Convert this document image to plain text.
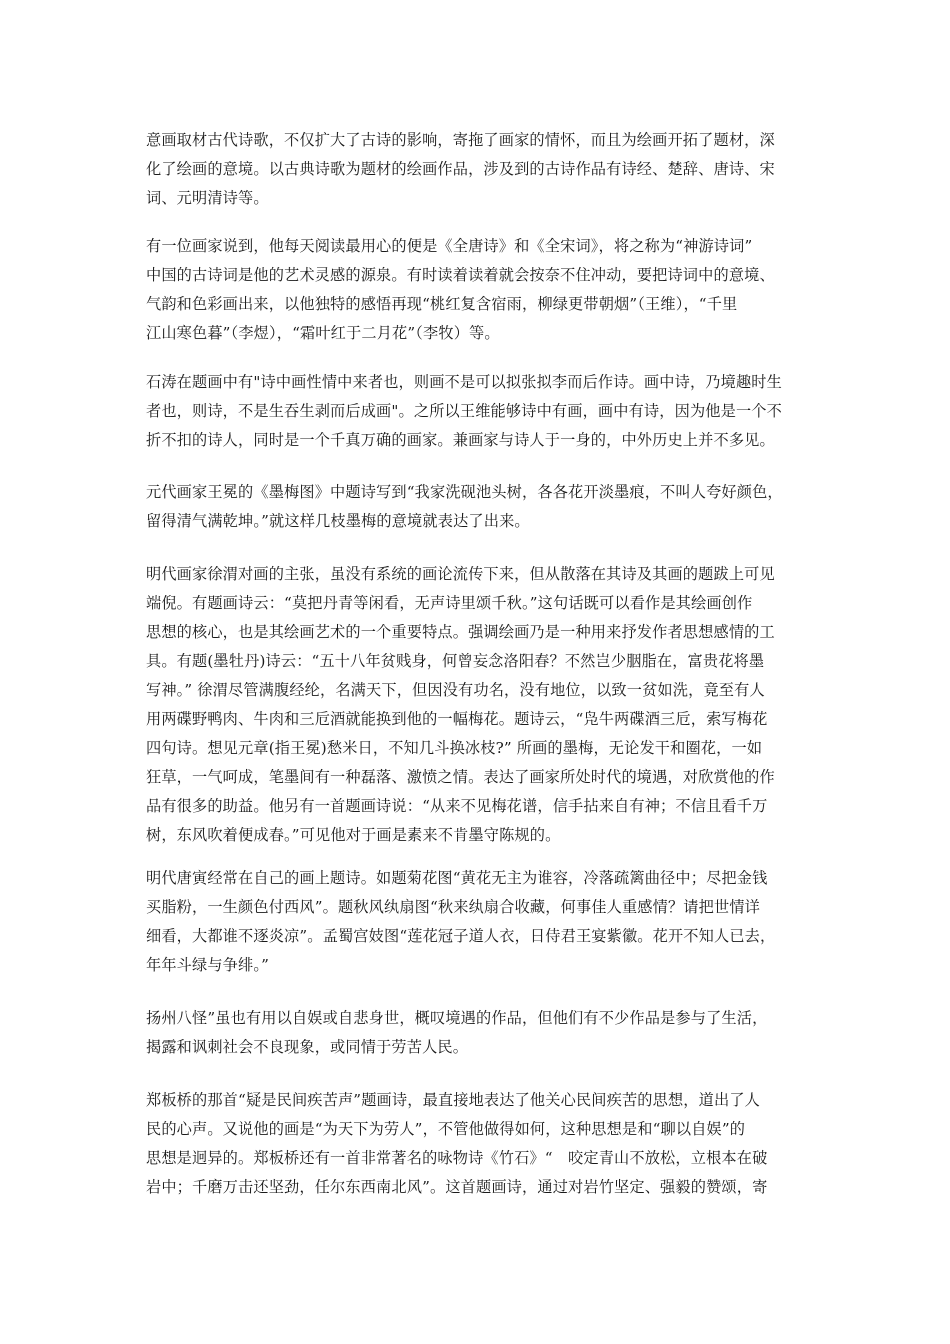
意画取材古代诗歌，不仅扩大了古诗的影响，寄拖了画家的情怀，而且为绘画开拓了题材，深
化了绘画的意境。以古典诗歌为题材的绘画作品，涉及到的古诗作品有诗经、楚辞、唐诗、宋
词、元明清诗等。
有一位画家说到，他每天阅读最用心的便是《全唐诗》和《全宋词》，将之称为“神游诗词”
中国的古诗词是他的艺术灵感的源泉。有时读着读着就会按奈不住冲动，要把诗词中的意境、
气韵和色彩画出来，以他独特的感悟再现“桃红复含宿雨，柳绿更带朝烟”（王维），“千里
江山寒色暮”（李煜），“霜叶红于二月花”（李牧）等。
石涛在题画中有"诗中画性情中来者也，则画不是可以拟张拟李而后作诗。画中诗，乃境趣时生
者也，则诗，不是生吞生剥而后成画"。之所以王维能够诗中有画，画中有诗，因为他是一个不
折不扣的诗人，同时是一个千真万确的画家。兼画家与诗人于一身的，中外历史上并不多见。
元代画家王冕的《墨梅图》中题诗写到“我家洗砚池头树，各各花开淡墨痕，不叫人夸好颜色，
留得清气满乾坤。”就这样几枝墨梅的意境就表达了出来。
明代画家徐渭对画的主张，虽没有系统的画论流传下来，但从散落在其诗及其画的题跋上可见
端倪。有题画诗云：“莫把丹青等闲看，无声诗里颂千秋。”这句话既可以看作是其绘画创作
思想的核心，也是其绘画艺术的一个重要特点。强调绘画乃是一种用来抒发作者思想感情的工
具。有题(墨牡丹)诗云：“五十八年贫贱身，何曾妄念洛阳春？不然岂少胭脂在，富贵花将墨
写神。” 徐渭尽管满腹经纶，名满天下，但因没有功名，没有地位，以致一贫如洗，竟至有人
用两碟野鸭肉、牛肉和三卮酒就能换到他的一幅梅花。题诗云，“凫牛两碟酒三卮，索写梅花
四句诗。想见元章(指王冕)愁米日，不知几斗换冰枝?” 所画的墨梅，无论发干和圈花，一如
狂草，一气呵成，笔墨间有一种磊落、激愤之情。表达了画家所处时代的境遇，对欣赏他的作
品有很多的助益。他另有一首题画诗说：“从来不见梅花谱，信手拈来自有神；不信且看千万
树，东风吹着便成春。”可见他对于画是素来不肯墨守陈规的。
明代唐寅经常在自己的画上题诗。如题菊花图“黄花无主为谁容，冷落疏篱曲径中；尽把金钱
买脂粉，一生颜色付西风”。题秋风纨扇图“秋来纨扇合收藏，何事佳人重感情？请把世情详
细看，大都谁不逐炎凉”。孟蜀宫妓图“莲花冠子道人衣，日侍君王宴紫徽。花开不知人已去，
年年斗绿与争绯。”
扬州八怪”虽也有用以自娱或自悲身世，概叹境遇的作品，但他们有不少作品是参与了生活，
揭露和讽刺社会不良现象，或同情于劳苦人民。
郑板桥的那首“疑是民间疾苦声”题画诗，最直接地表达了他关心民间疾苦的思想，道出了人
民的心声。又说他的画是“为天下为劳人”，不管他做得如何，这种思想是和“聊以自娱”的
思想是迥异的。郑板桥还有一首非常著名的咏物诗《竹石》“　咬定青山不放松，立根本在破
岩中；千磨万击还坚劲，任尔东西南北风”。这首题画诗，通过对岩竹坚定、强毅的赞颂，寄
